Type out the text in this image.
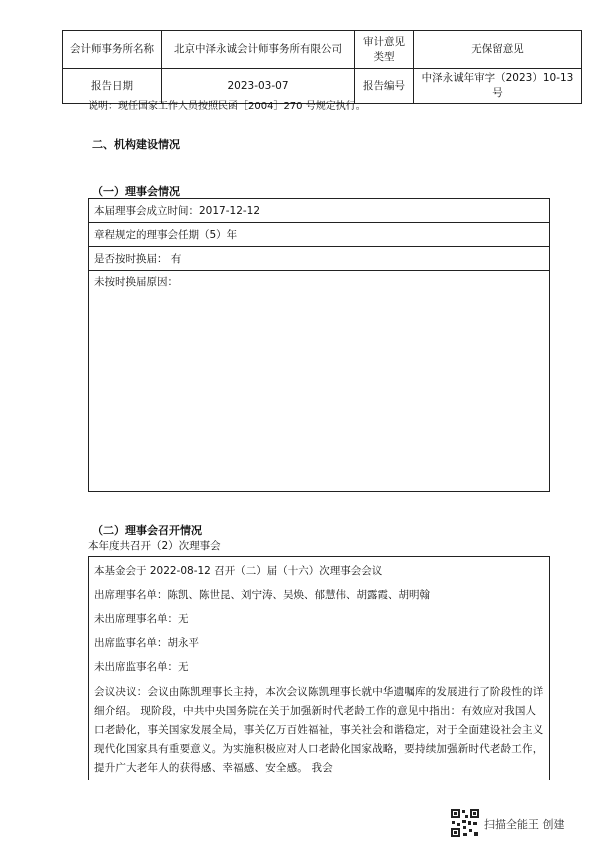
会计师事务所名称	北京中泽永诚会计师事务所有限公司	审计意见类型	无保留意见
报告日期	2023-03-07	报告编号	中泽永诚年审字（2023）10-13 号
说明：现任国家工作人员按照民函［2004］270 号规定执行。
二、机构建设情况
（一）理事会情况
本届理事会成立时间：2017-12-12
章程规定的理事会任期（5）年
是否按时换届： 有
未按时换届原因：
（二）理事会召开情况
本年度共召开（2）次理事会

本基金会于 2022-08-12 召开（二）届（十六）次理事会会议

出席理事名单：陈凯、陈世昆、刘宁涛、吴焕、郁慧伟、胡露霞、胡明翰

未出席理事名单：无

出席监事名单：胡永平

未出席监事名单：无

会议决议：会议由陈凯理事长主持，本次会议陈凯理事长就中华遗嘱库的发展进行了阶段性的详细介绍。 现阶段，中共中央国务院在关于加强新时代老龄工作的意见中指出：有效应对我国人口老龄化，事关国家发展全局，事关亿万百姓福祉，事关社会和谐稳定，对于全面建设社会主义现代化国家具有重要意义。为实施积极应对人口老龄化国家战略，要持续加强新时代老龄工作，提升广大老年人的获得感、幸福感、安全感。 我会

扫描全能王 创建
